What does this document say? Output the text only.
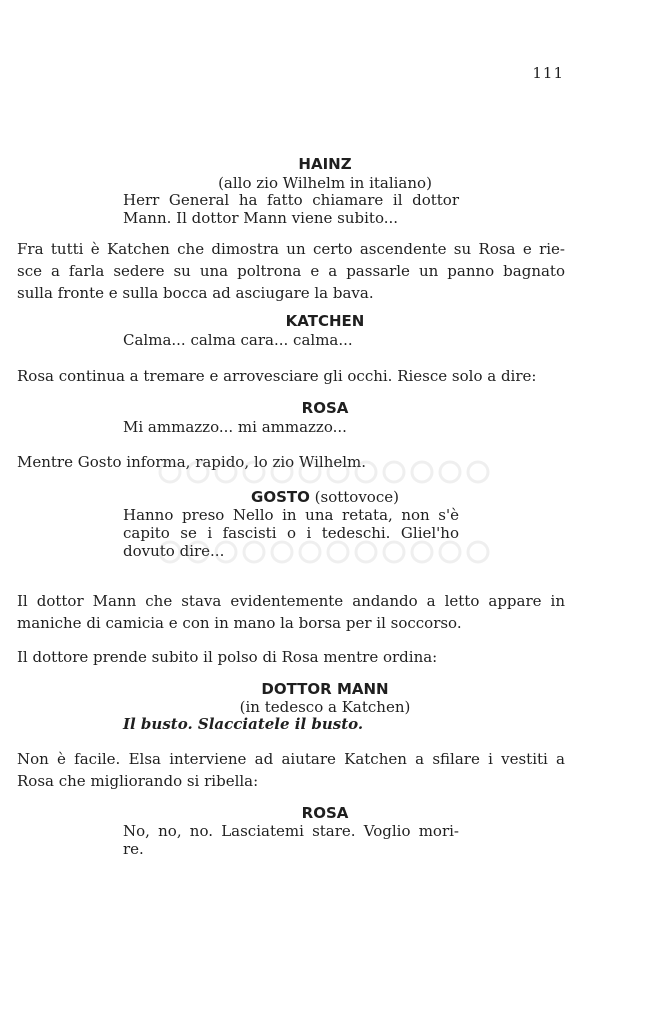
111
HAINZ
(allo zio Wilhelm in italiano)
Herr General ha fatto chiamare il dottor
Mann. Il dottor Mann viene subito...
Fra tutti è Katchen che dimostra un certo ascendente su Rosa e rie-
sce a farla sedere su una poltrona e a passarle un panno bagnato
sulla fronte e sulla bocca ad asciugare la bava.
KATCHEN
Calma... calma cara... calma...
Rosa continua a tremare e arrovesciare gli occhi. Riesce solo a dire:
ROSA
Mi ammazzo... mi ammazzo...
Mentre Gosto informa, rapido, lo zio Wilhelm.
GOSTO (sottovoce)
Hanno preso Nello in una retata, non s'è
capito se i fascisti o i tedeschi. Gliel'ho
dovuto dire...
Il dottor Mann che stava evidentemente andando a letto appare in
maniche di camicia e con in mano la borsa per il soccorso.
Il dottore prende subito il polso di Rosa mentre ordina:
DOTTOR MANN
(in tedesco a Katchen)
Il busto. Slacciatele il busto.
Non è facile. Elsa interviene ad aiutare Katchen a sfilare i vestiti a
Rosa che migliorando si ribella:
ROSA
No, no, no. Lasciatemi stare. Voglio mori-
re.
